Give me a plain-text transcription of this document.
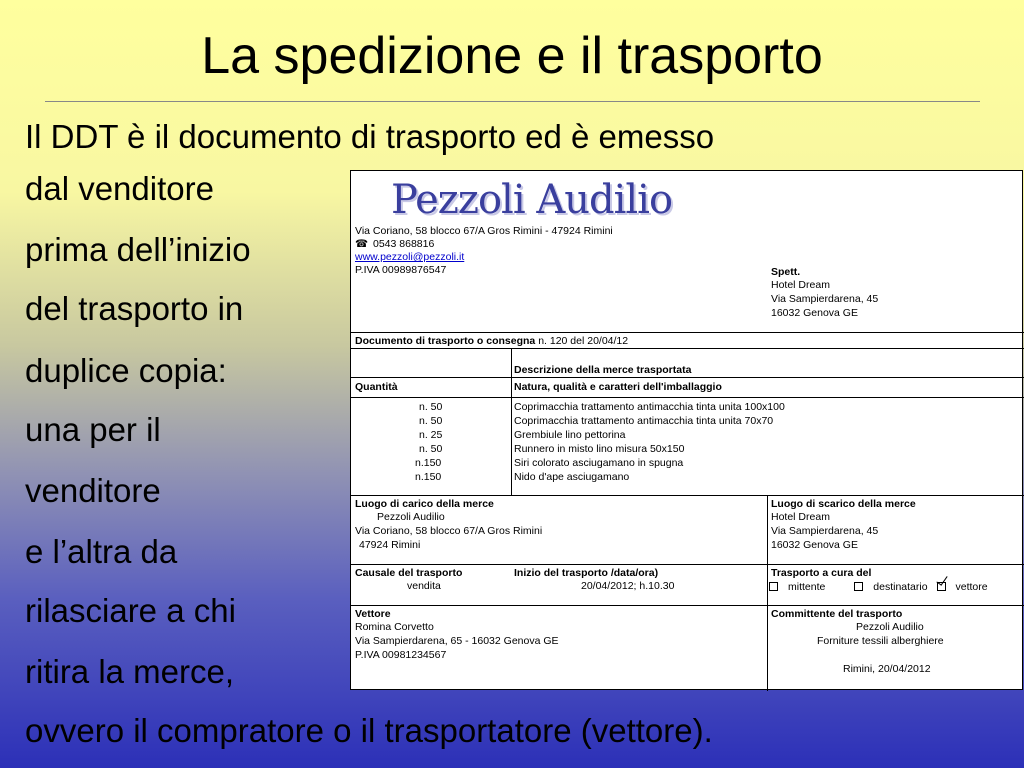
La spedizione e il trasporto
Il DDT è il documento di trasporto ed è emesso
dal venditore
prima dell’inizio
del trasporto in
duplice copia:
una per il
venditore
e l’altra da
rilasciare a chi
ritira la merce,
ovvero il compratore o il trasportatore (vettore).
Pezzoli Audilio
Via Coriano, 58 blocco 67/A Gros Rimini - 47924 Rimini
☎ 0543 868816
www.pezzoli@pezzoli.it
P.IVA 00989876547	Spett.
Hotel Dream
Via Sampierdarena, 45
16032 Genova GE
Documento di trasporto o consegna n. 120 del 20/04/12
Descrizione della merce trasportata
Quantità	Natura, qualità e caratteri dell'imballaggio
n. 50	Coprimacchia trattamento antimacchia tinta unita 100x100
n. 50	Coprimacchia trattamento antimacchia tinta unita 70x70
n. 25	Grembiule lino pettorina
n. 50	Runnero in misto lino misura 50x150
n.150	Siri colorato asciugamano in spugna
n.150	Nido d'ape asciugamano
Luogo di carico della merce
Pezzoli Audilio
Via Coriano, 58 blocco 67/A Gros Rimini
47924 Rimini
Luogo di scarico della merce
Hotel Dream
Via Sampierdarena, 45
16032 Genova GE
Causale del trasporto
vendita
Inizio del trasporto /data/ora)
20/04/2012; h.10.30
Trasporto a cura del
mittente	destinatario	vettore
Vettore
Romina Corvetto
Via Sampierdarena, 65 - 16032 Genova GE
P.IVA 00981234567
Committente del trasporto
Pezzoli Audilio
Forniture tessili alberghiere
Rimini, 20/04/2012
